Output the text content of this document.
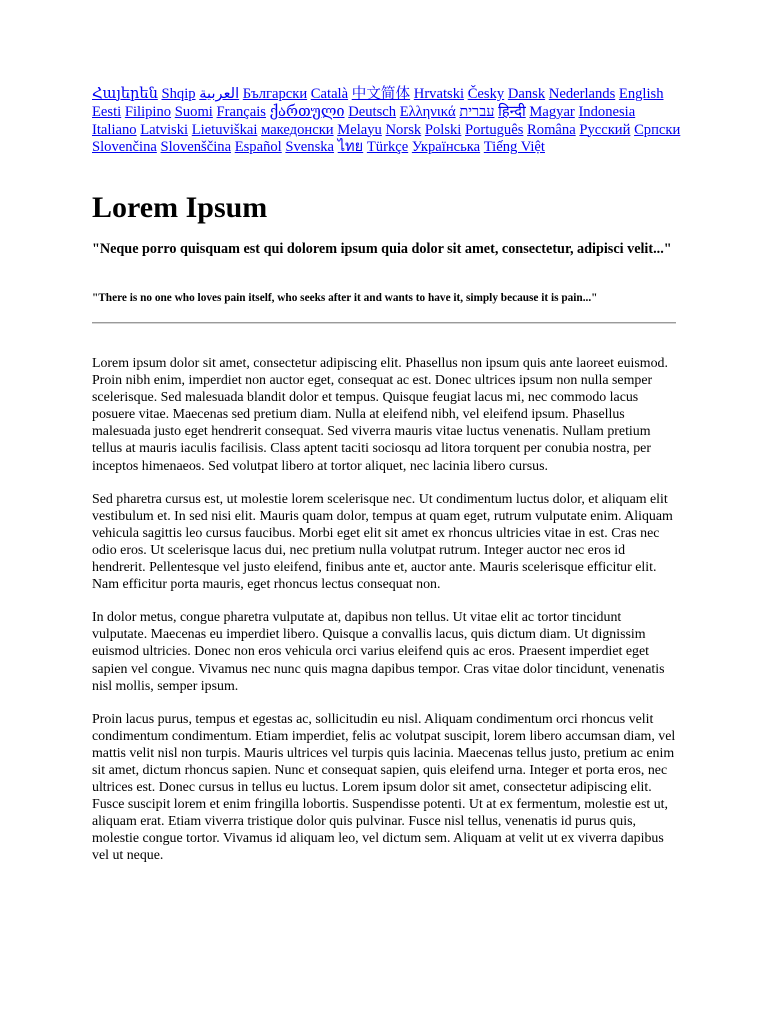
Հայերեն Shqip العربية Български Català 中文简体 Hrvatski Česky Dansk Nederlands English Eesti Filipino Suomi Français ქართული Deutsch Ελληνικά עברית हिन्दी Magyar Indonesia Italiano Latviski Lietuviškai македонски Melayu Norsk Polski Português Româna Pyccкий Српски Slovenčina Slovenščina Español Svenska ไทย Türkçe Українська Tiếng Việt
Lorem Ipsum
"Neque porro quisquam est qui dolorem ipsum quia dolor sit amet, consectetur, adipisci velit..."
"There is no one who loves pain itself, who seeks after it and wants to have it, simply because it is pain..."

Lorem ipsum dolor sit amet, consectetur adipiscing elit. Phasellus non ipsum quis ante laoreet euismod. Proin nibh enim, imperdiet non auctor eget, consequat ac est. Donec ultrices ipsum non nulla semper scelerisque. Sed malesuada blandit dolor et tempus. Quisque feugiat lacus mi, nec commodo lacus posuere vitae. Maecenas sed pretium diam. Nulla at eleifend nibh, vel eleifend ipsum. Phasellus malesuada justo eget hendrerit consequat. Sed viverra mauris vitae luctus venenatis. Nullam pretium tellus at mauris iaculis facilisis. Class aptent taciti sociosqu ad litora torquent per conubia nostra, per inceptos himenaeos. Sed volutpat libero at tortor aliquet, nec lacinia libero cursus.

Sed pharetra cursus est, ut molestie lorem scelerisque nec. Ut condimentum luctus dolor, et aliquam elit vestibulum et. In sed nisi elit. Mauris quam dolor, tempus at quam eget, rutrum vulputate enim. Aliquam vehicula sagittis leo cursus faucibus. Morbi eget elit sit amet ex rhoncus ultricies vitae in est. Cras nec odio eros. Ut scelerisque lacus dui, nec pretium nulla volutpat rutrum. Integer auctor nec eros id hendrerit. Pellentesque vel justo eleifend, finibus ante et, auctor ante. Mauris scelerisque efficitur elit. Nam efficitur porta mauris, eget rhoncus lectus consequat non.

In dolor metus, congue pharetra vulputate at, dapibus non tellus. Ut vitae elit ac tortor tincidunt vulputate. Maecenas eu imperdiet libero. Quisque a convallis lacus, quis dictum diam. Ut dignissim euismod ultricies. Donec non eros vehicula orci varius eleifend quis ac eros. Praesent imperdiet eget sapien vel congue. Vivamus nec nunc quis magna dapibus tempor. Cras vitae dolor tincidunt, venenatis nisl mollis, semper ipsum.

Proin lacus purus, tempus et egestas ac, sollicitudin eu nisl. Aliquam condimentum orci rhoncus velit condimentum condimentum. Etiam imperdiet, felis ac volutpat suscipit, lorem libero accumsan diam, vel mattis velit nisl non turpis. Mauris ultrices vel turpis quis lacinia. Maecenas tellus justo, pretium ac enim sit amet, dictum rhoncus sapien. Nunc et consequat sapien, quis eleifend urna. Integer et porta eros, nec ultrices est. Donec cursus in tellus eu luctus. Lorem ipsum dolor sit amet, consectetur adipiscing elit. Fusce suscipit lorem et enim fringilla lobortis. Suspendisse potenti. Ut at ex fermentum, molestie est ut, aliquam erat. Etiam viverra tristique dolor quis pulvinar. Fusce nisl tellus, venenatis id purus quis, molestie congue tortor. Vivamus id aliquam leo, vel dictum sem. Aliquam at velit ut ex viverra dapibus vel ut neque.
